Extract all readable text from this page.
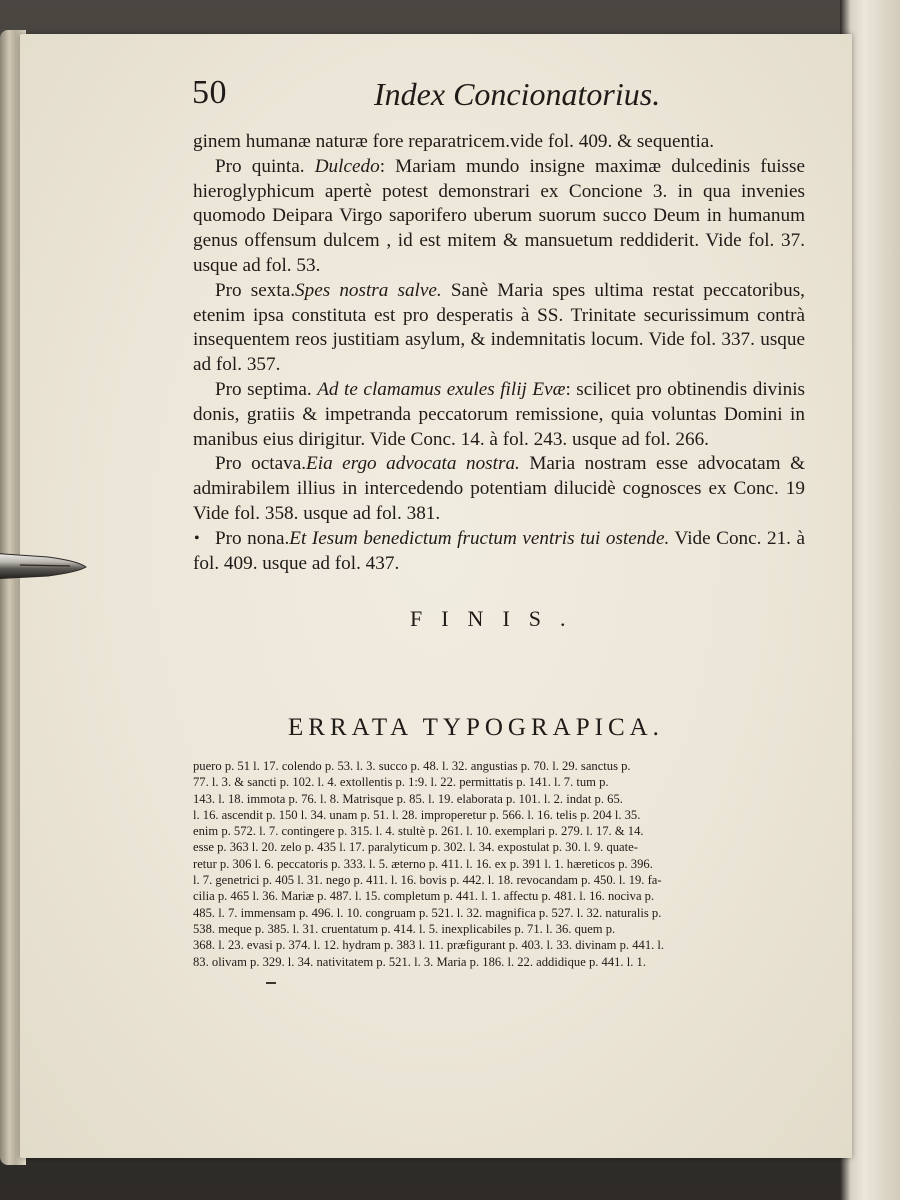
50	Index Concionatorius.

ginem humanæ naturæ fore reparatricem.vide fol. 409. & sequentia.

Pro quinta. Dulcedo: Mariam mundo insigne maximæ dulcedinis fuisse hieroglyphicum apertè potest demonstrari ex Concione 3. in qua invenies quomodo Deipara Virgo saporifero uberum suorum succo Deum in humanum genus offensum dulcem , id est mitem & mansuetum reddiderit. Vide fol. 37. usque ad fol. 53.

Pro sexta.Spes nostra salve. Sanè Maria spes ultima restat peccatoribus, etenim ipsa constituta est pro desperatis à SS. Trinitate securissimum contrà insequentem reos justitiam asylum, & indemnitatis locum. Vide fol. 337. usque ad fol. 357.

Pro septima. Ad te clamamus exules filij Evæ: scilicet pro obtinendis divinis donis, gratiis & impetranda peccatorum remissione, quia voluntas Domini in manibus eius dirigitur. Vide Conc. 14. à fol. 243. usque ad fol. 266.

Pro octava.Eia ergo advocata nostra. Maria nostram esse advocatam & admirabilem illius in intercedendo potentiam dilucidè cognosces ex Conc. 19 Vide fol. 358. usque ad fol. 381.

• Pro nona.Et Iesum benedictum fructum ventris tui ostende. Vide Conc. 21. à fol. 409. usque ad fol. 437.

FINIS.
ERRATA TYPOGRAPICA.

puero p. 51 l. 17. colendo p. 53. l. 3. succo p. 48. l. 32. angustias p. 70. l. 29. sanctus p.

77. l. 3. & sancti p. 102. l. 4. extollentis p. 1:9. l. 22. permittatis p. 141. l. 7. tum p.

143. l. 18. immota p. 76. l. 8. Matrisque p. 85. l. 19. elaborata p. 101. l. 2. indat p. 65.

l. 16. ascendit p. 150 l. 34. unam p. 51. l. 28. improperetur p. 566. l. 16. telis p. 204 l. 35.

enim p. 572. l. 7. contingere p. 315. l. 4. stultè p. 261. l. 10. exemplari p. 279. l. 17. & 14.

esse p. 363 l. 20. zelo p. 435 l. 17. paralyticum p. 302. l. 34. expostulat p. 30. l. 9. quate-

retur p. 306 l. 6. peccatoris p. 333. l. 5. æterno p. 411. l. 16. ex p. 391 l. 1. hæreticos p. 396.

l. 7. genetrici p. 405 l. 31. nego p. 411. l. 16. bovis p. 442. l. 18. revocandam p. 450. l. 19. fa-

cilia p. 465 l. 36. Mariæ p. 487. l. 15. completum p. 441. l. 1. affectu p. 481. l. 16. nociva p.

485. l. 7. immensam p. 496. l. 10. congruam p. 521. l. 32. magnifica p. 527. l. 32. naturalis p.

538. meque p. 385. l. 31. cruentatum p. 414. l. 5. inexplicabiles p. 71. l. 36. quem p.

368. l. 23. evasi p. 374. l. 12. hydram p. 383 l. 11. præfigurant p. 403. l. 33. divinam p. 441. l.

83. olivam p. 329. l. 34. nativitatem p. 521. l. 3. Maria p. 186. l. 22. addidique p. 441. l. 1.
